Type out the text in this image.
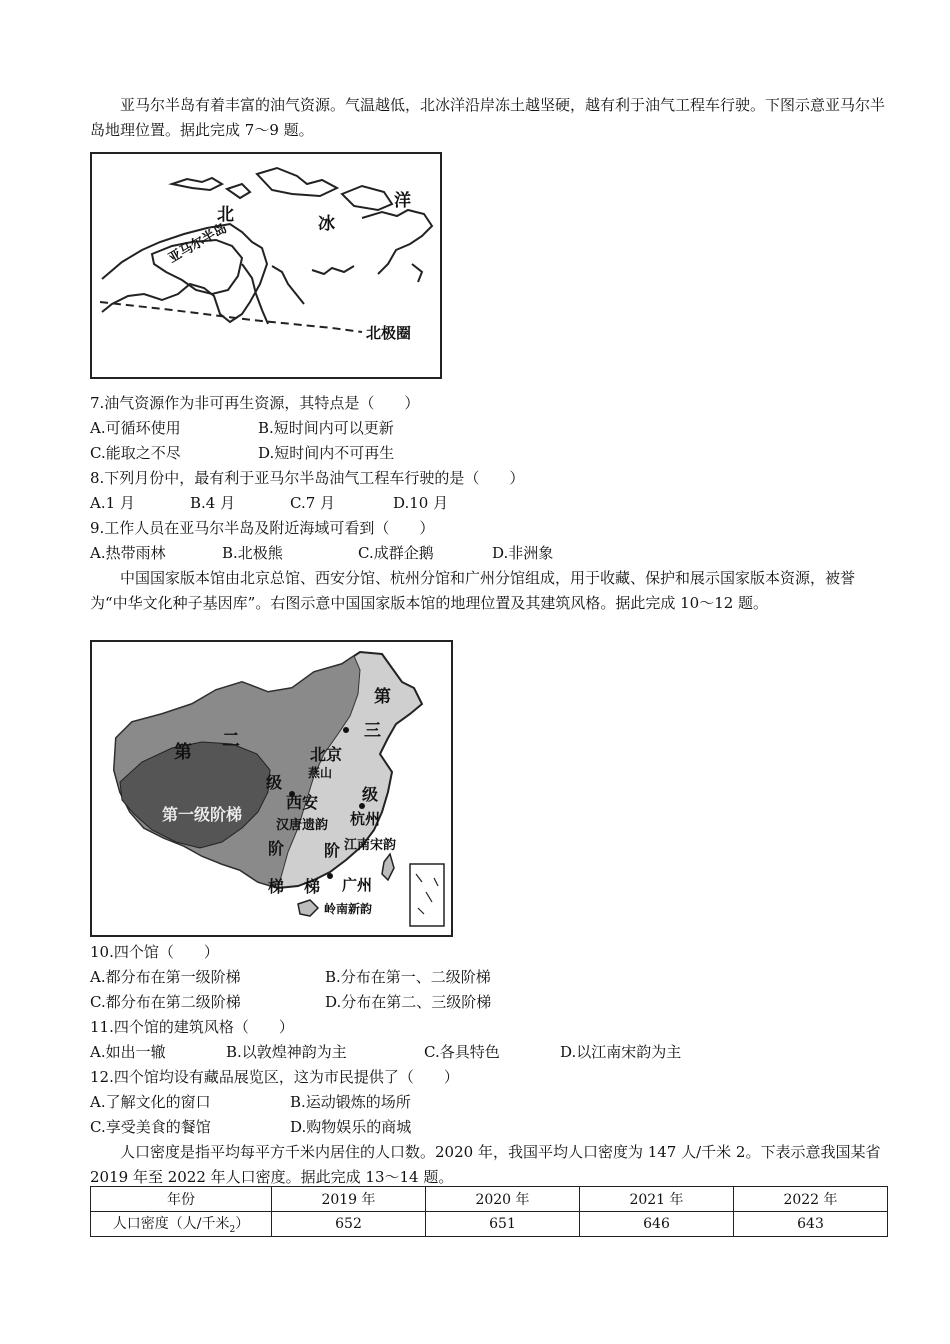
亚马尔半岛有着丰富的油气资源。气温越低，北冰洋沿岸冻土越坚硬，越有利于油气工程车行驶。下图示意亚马尔半岛地理位置。据此完成 7～9 题。

北	冰
洋
亚马尔半岛
北极圈
7.油气资源作为非可再生资源，其特点是（　　）
A.可循环使用	B.短时间内可以更新
C.能取之不尽	D.短时间内不可再生
8.下列月份中，最有利于亚马尔半岛油气工程车行驶的是（　　）
A.1 月	B.4 月	C.7 月	D.10 月
9.工作人员在亚马尔半岛及附近海域可看到（　　）
A.热带雨林	B.北极熊	C.成群企鹅	D.非洲象

中国国家版本馆由北京总馆、西安分馆、杭州分馆和广州分馆组成，用于收藏、保护和展示国家版本资源，被誉为“中华文化种子基因库”。右图示意中国国家版本馆的地理位置及其建筑风格。据此完成 10～12 题。

第
二
第一级阶梯
级
西安
汉唐遗韵
阶
梯
北京
燕山
杭州
江南宋韵
广州
岭南新韵
第
三
级
阶
梯
10.四个馆（　　）
A.都分布在第一级阶梯	B.分布在第一、二级阶梯
C.都分布在第二级阶梯	D.分布在第二、三级阶梯
11.四个馆的建筑风格（　　）
A.如出一辙	B.以敦煌神韵为主	C.各具特色	D.以江南宋韵为主
12.四个馆均设有藏品展览区，这为市民提供了（　　）
A.了解文化的窗口	B.运动锻炼的场所
C.享受美食的餐馆	D.购物娱乐的商城

人口密度是指平均每平方千米内居住的人口数。2020 年，我国平均人口密度为 147 人/千米 2。下表示意我国某省 2019 年至 2022 年人口密度。据此完成 13～14 题。

年份	2019 年	2020 年	2021 年	2022 年
人口密度（人/千米$_2$）	652	651	646	643
